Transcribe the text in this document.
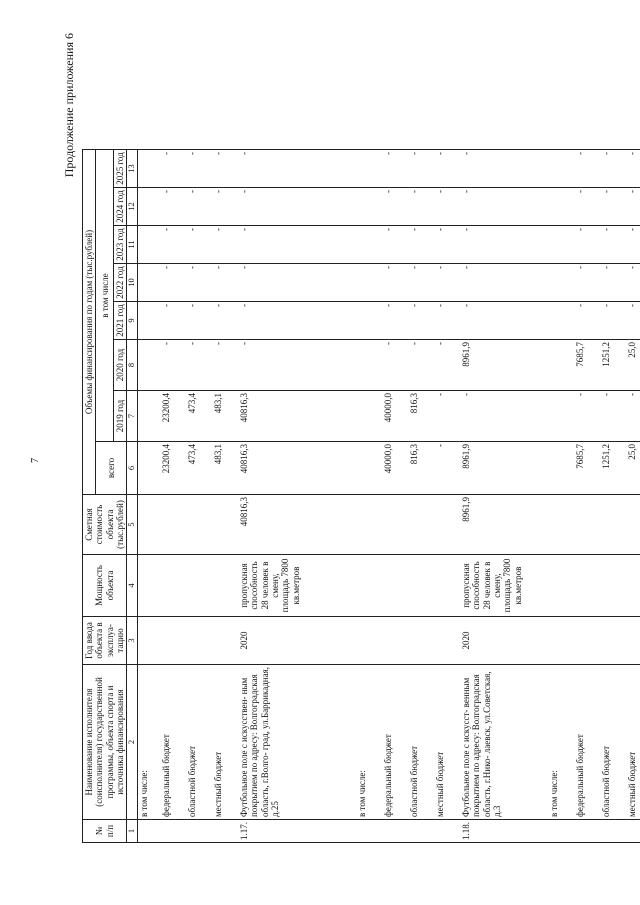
7
Продолжение приложения 6
№ п/п	Наименование исполнителя (соисполнителя) государственной программы, объекта спорта и источника финансирования	Год ввода объекта в эксплуа- тацию	Мощность объекта	Сметная стоимость объекта (тыс.рублей)	Объемы финансирования по годам (тыс.рублей)							
					всего	в том числе						
						2019 год	2020 год	2021 год	2022 год	2023 год	2024 год	2025 год
1	2	3	4	5	6	7	8	9	10	11	12	13
	в том числе:											
	федеральный бюджет				23200,4	23200,4	-	-	-	-	-	-
	областной бюджет				473,4	473,4	-	-	-	-	-	-
	местный бюджет				483,1	483,1	-	-	-	-	-	-
1.17.	Футбольное поле с искусствен- ным покрытием по адресу: Волгоградская область, г.Волго- град, ул.Баррикадная, д.25	2020	пропускная способность 28 человек в смену, площадь 7800 кв.метров	40816,3	40816,3	40816,3	-	-	-	-	-	-
	в том числе:											
	федеральный бюджет				40000,0	40000,0	-	-	-	-	-	-
	областной бюджет				816,3	816,3	-	-	-	-	-	-
	местный бюджет				-	-	-	-	-	-	-	-
1.18.	Футбольное поле с искусст- венным покрытием по адресу: Волгоградская область, г.Нико- лаевск, ул.Советская, д.3	2020	пропускная способность 28 человек в смену, площадь 7800 кв.метров	8961,9	8961,9	-	8961,9	-	-	-	-	-
	в том числе:											
	федеральный бюджет				7685,7	-	7685,7	-	-	-	-	-
	областной бюджет				1251,2	-	1251,2	-	-	-	-	-
	местный бюджет				25,0	-	25,0	-	-	-	-	-
